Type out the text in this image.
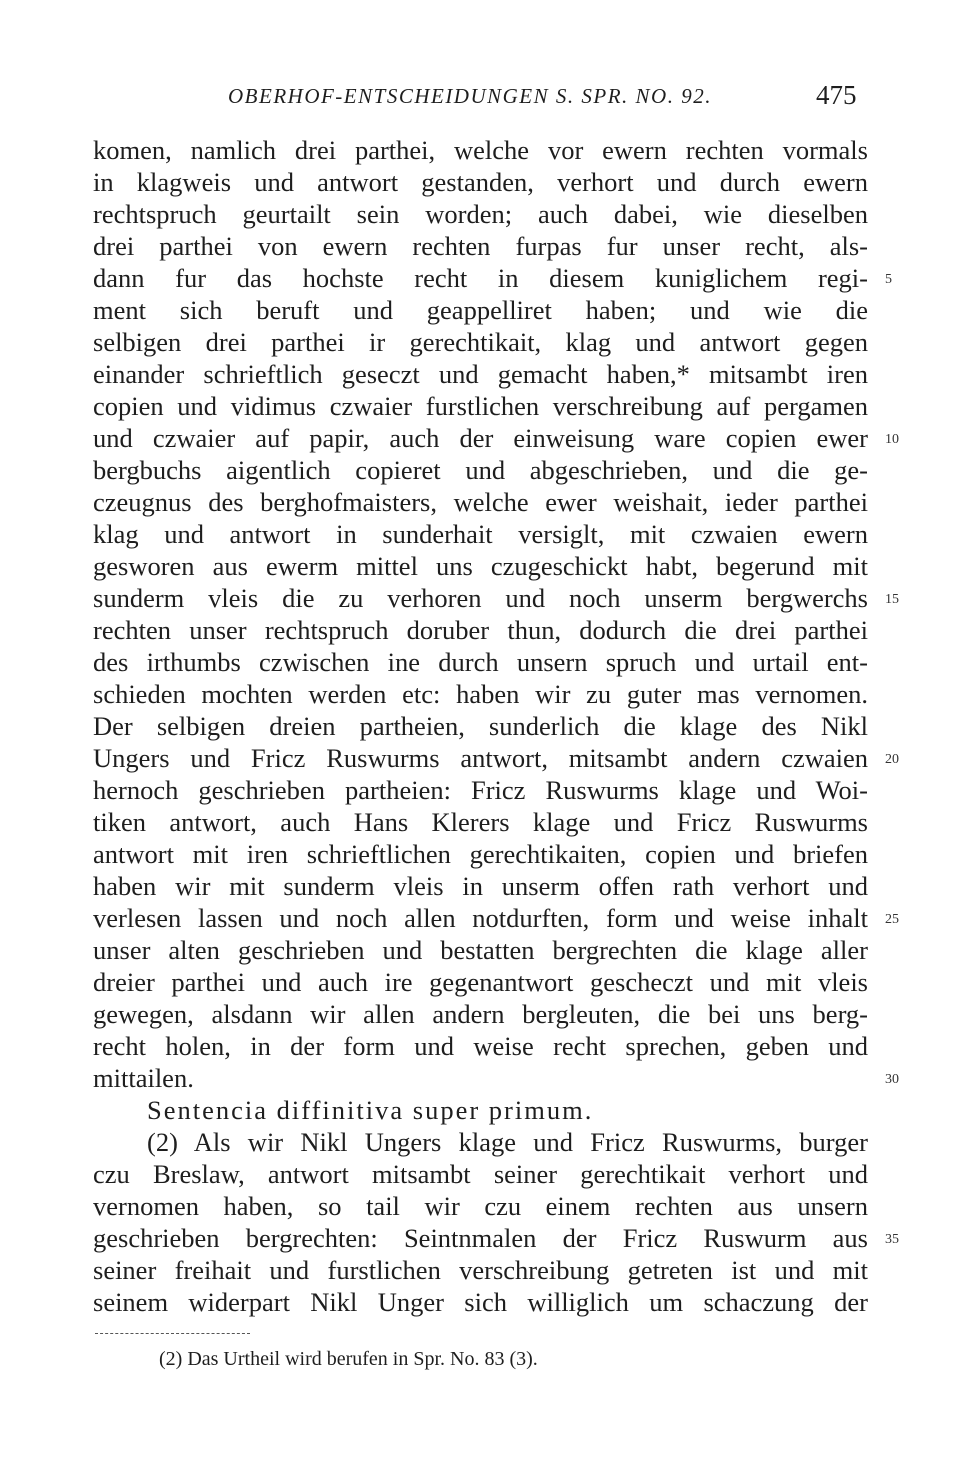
OBERHOF-ENTSCHEIDUNGEN S. SPR. NO. 92.	475
komen, namlich drei parthei, welche vor ewern rechten vormals
in klagweis und antwort gestanden, verhort und durch ewern
rechtspruch geurtailt sein worden; auch dabei, wie dieselben
drei parthei von ewern rechten furpas fur unser recht, als-
dann fur das hochste recht in diesem kuniglichem regi- 5
ment sich beruft und geappelliret haben; und wie die
selbigen drei parthei ir gerechtikait, klag und antwort gegen
einander schrieftlich geseczt und gemacht haben,* mitsambt iren
copien und vidimus czwaier furstlichen verschreibung auf pergamen
und czwaier auf papir, auch der einweisung ware copien ewer 10
bergbuchs aigentlich copieret und abgeschrieben, und die ge-
czeugnus des berghofmaisters, welche ewer weishait, ieder parthei
klag und antwort in sunderhait versiglt, mit czwaien ewern
gesworen aus ewerm mittel uns czugeschickt habt, begerund mit
sunderm vleis die zu verhoren und noch unserm bergwerchs 15
rechten unser rechtspruch doruber thun, dodurch die drei parthei
des irthumbs czwischen ine durch unsern spruch und urtail ent-
schieden mochten werden etc: haben wir zu guter mas vernomen.
Der selbigen dreien partheien, sunderlich die klage des Nikl
Ungers und Fricz Ruswurms antwort, mitsambt andern czwaien 20
hernoch geschrieben partheien: Fricz Ruswurms klage und Woi-
tiken antwort, auch Hans Klerers klage und Fricz Ruswurms
antwort mit iren schrieftlichen gerechtikaiten, copien und briefen
haben wir mit sunderm vleis in unserm offen rath verhort und
verlesen lassen und noch allen notdurften, form und weise inhalt 25
unser alten geschrieben und bestatten bergrechten die klage aller
dreier parthei und auch ire gegenantwort gescheczt und mit vleis
gewegen, alsdann wir allen andern bergleuten, die bei uns berg-
recht holen, in der form und weise recht sprechen, geben und
mittailen.	30
Sentencia diffinitiva super primum.
(2) Als wir Nikl Ungers klage und Fricz Ruswurms, burger
czu Breslaw, antwort mitsambt seiner gerechtikait verhort und
vernomen haben, so tail wir czu einem rechten aus unsern
geschrieben bergrechten: Seintnmalen der Fricz Ruswurm aus 35
seiner freihait und furstlichen verschreibung getreten ist und mit
seinem widerpart Nikl Unger sich williglich um schaczung der
(2) Das Urtheil wird berufen in Spr. No. 83 (3).
